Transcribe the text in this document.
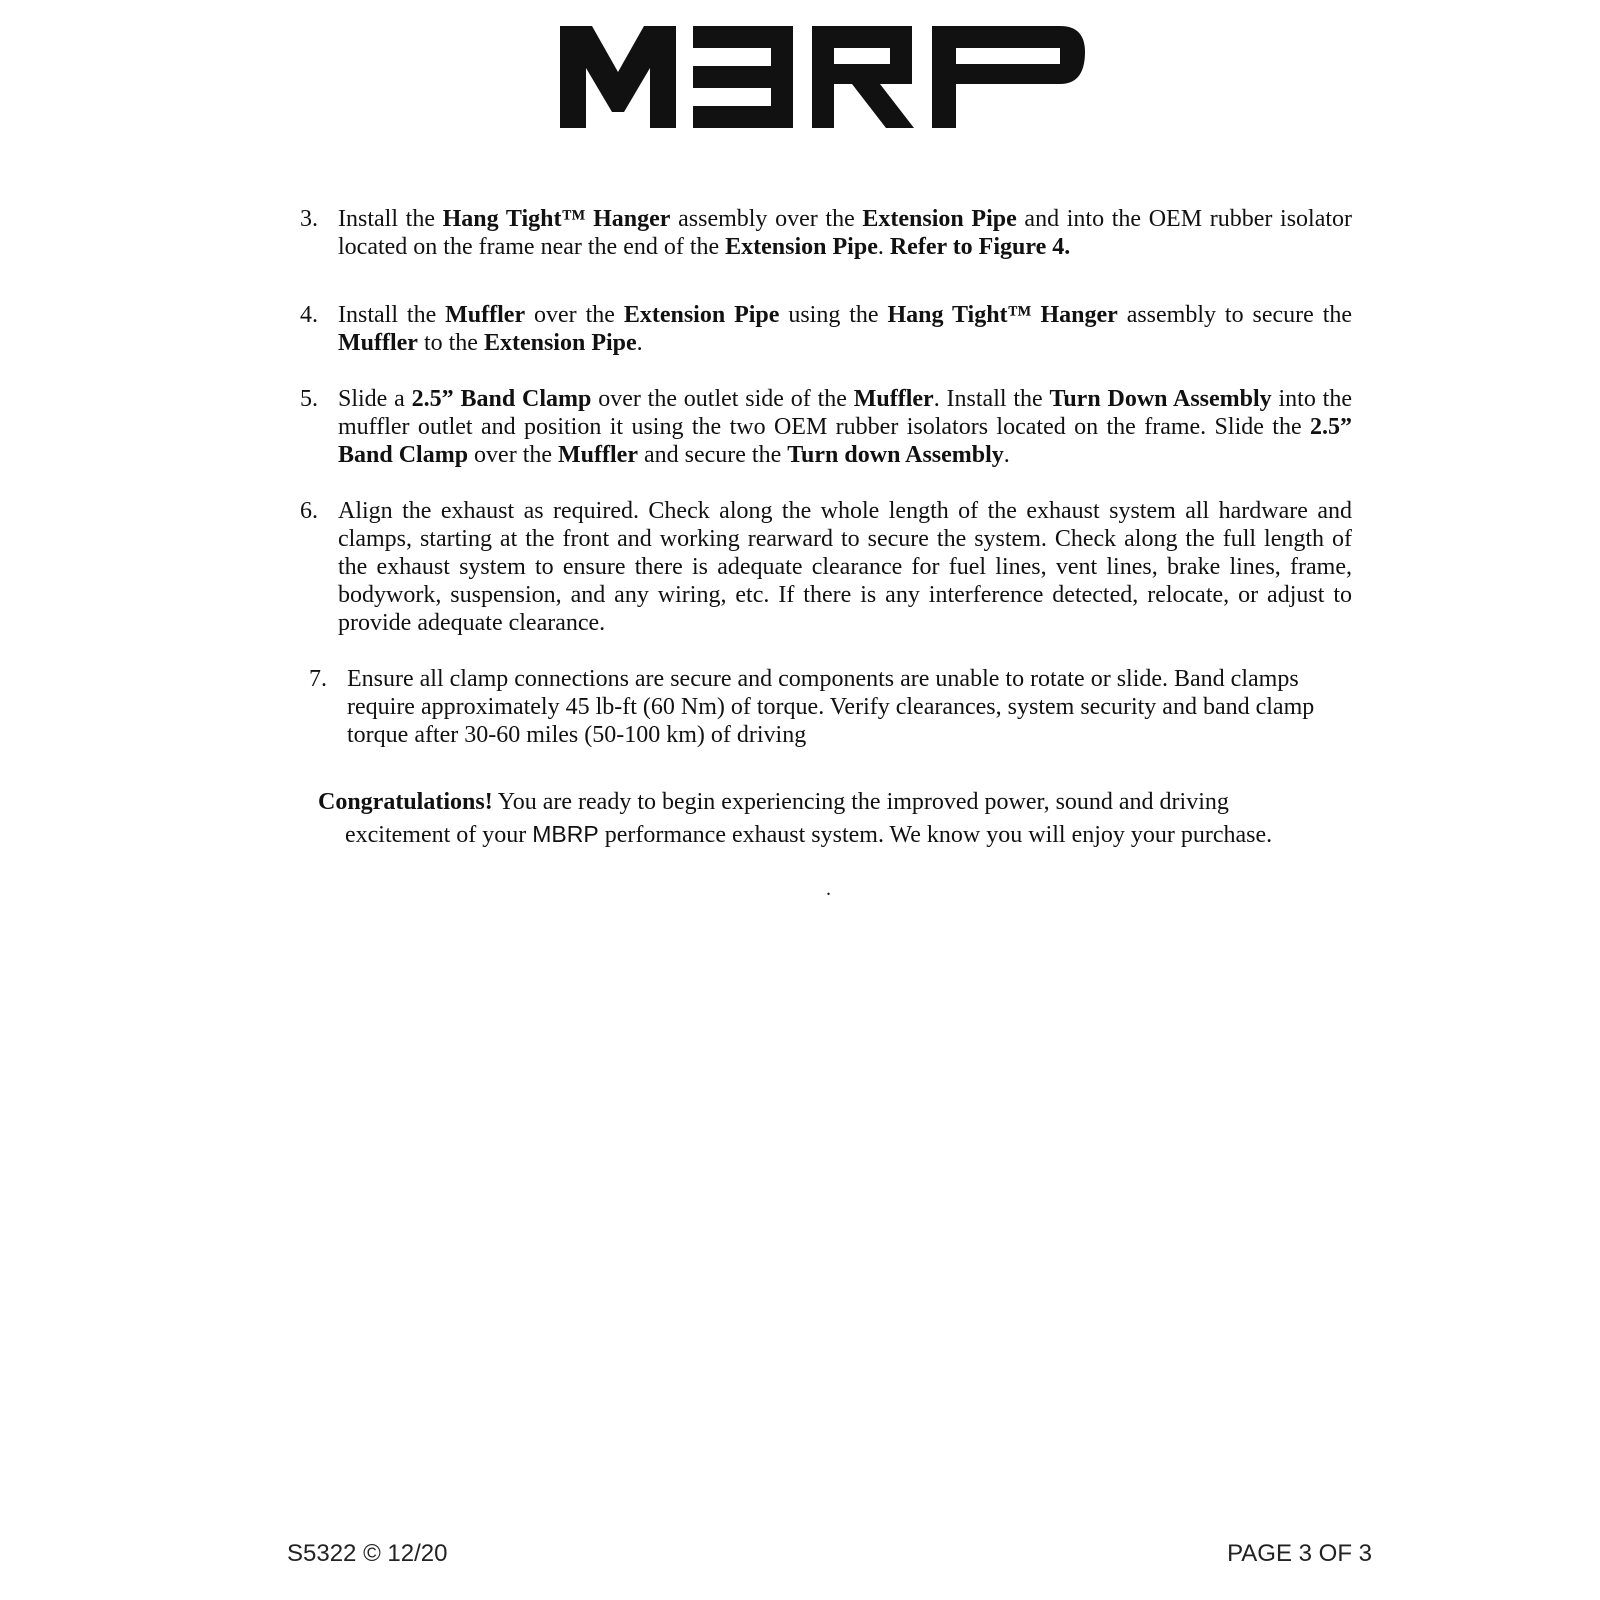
3. Install the Hang Tight™ Hanger assembly over the Extension Pipe and into the OEM rubber isolator located on the frame near the end of the Extension Pipe. Refer to Figure 4.

4. Install the Muffler over the Extension Pipe using the Hang Tight™ Hanger assembly to secure the Muffler to the Extension Pipe.

5. Slide a 2.5” Band Clamp over the outlet side of the Muffler. Install the Turn Down Assembly into the muffler outlet and position it using the two OEM rubber isolators located on the frame. Slide the 2.5” Band Clamp over the Muffler and secure the Turn down Assembly.

6. Align the exhaust as required. Check along the whole length of the exhaust system all hardware and clamps, starting at the front and working rearward to secure the system. Check along the full length of the exhaust system to ensure there is adequate clearance for fuel lines, vent lines, brake lines, frame, bodywork, suspension, and any wiring, etc. If there is any interference detected, relocate, or adjust to provide adequate clearance.

7. Ensure all clamp connections are secure and components are unable to rotate or slide. Band clamps require approximately 45 lb-ft (60 Nm) of torque. Verify clearances, system security and band clamp torque after 30-60 miles (50-100 km) of driving

Congratulations! You are ready to begin experiencing the improved power, sound and driving
excitement of your MBRP performance exhaust system. We know you will enjoy your purchase.
.
S5322 © 12/20	PAGE 3 OF 3
